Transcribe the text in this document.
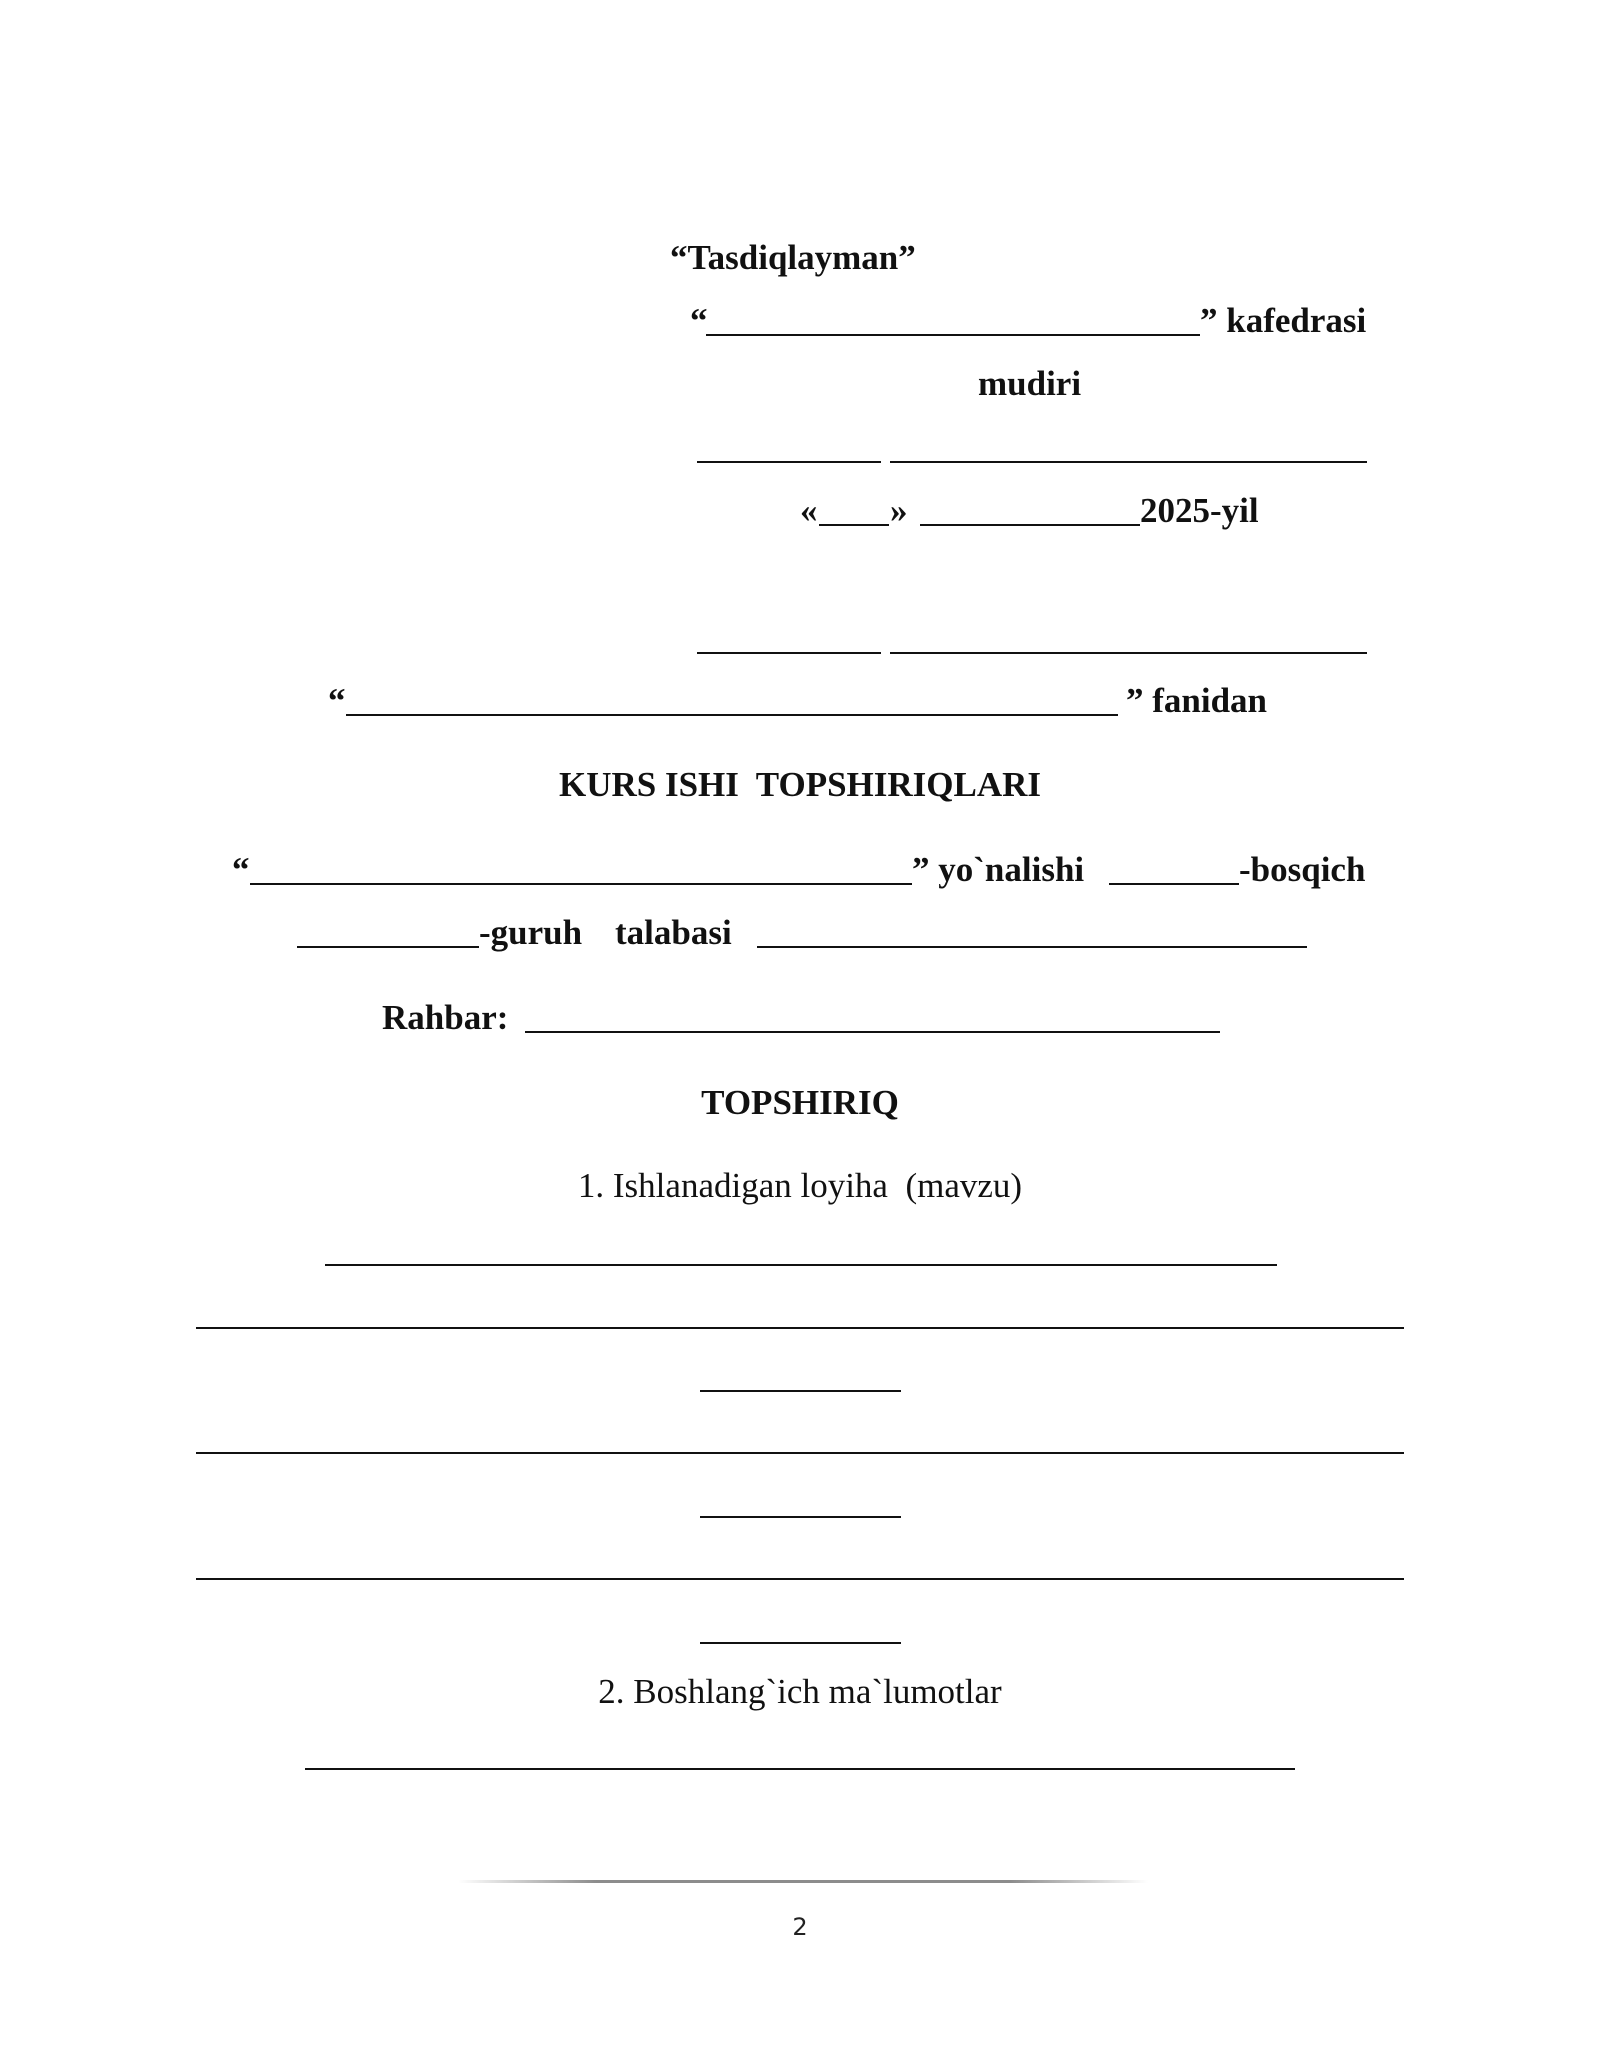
“Tasdiqlayman”
“	” kafedrasi
mudiri
« »	2025-yil
“	” fanidan
KURS ISHI  TOPSHIRIQLARI
“	” yo`nalishi	-bosqich
-guruh talabasi
Rahbar:
TOPSHIRIQ
1. Ishlanadigan loyiha  (mavzu)
2. Boshlang`ich ma`lumotlar
2
